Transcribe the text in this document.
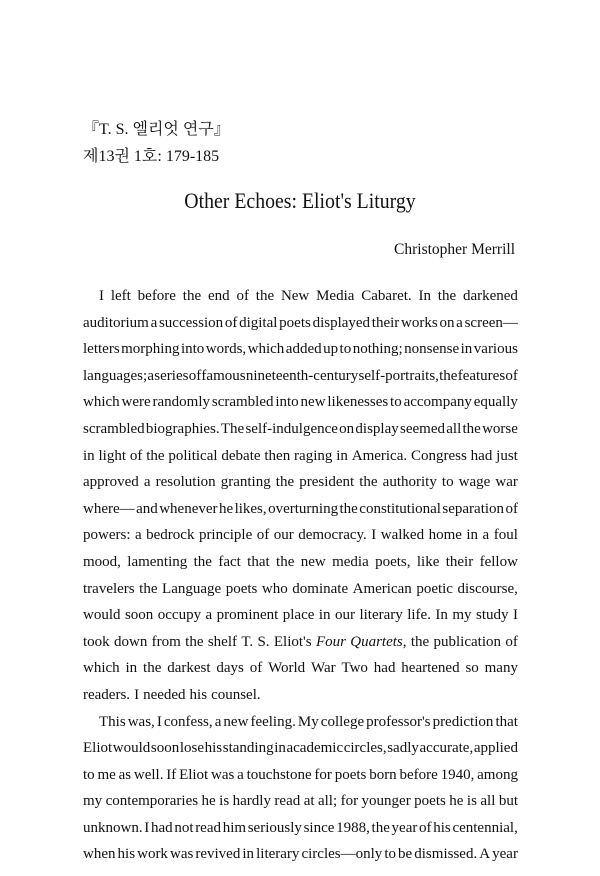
『T. S. 엘리엇 연구』
제13권 1호: 179-185
Other Echoes: Eliot's Liturgy
Christopher Merrill
I left before the end of the New Media Cabaret. In the darkened
auditorium a succession of digital poets displayed their works on a screen—
letters morphing into words, which added up to nothing; nonsense in various
languages; a series of famous nineteenth-century self-portraits, the features of
which were randomly scrambled into new likenesses to accompany equally
scrambled biographies. The self-indulgence on display seemed all the worse
in light of the political debate then raging in America. Congress had just
approved a resolution granting the president the authority to wage war
where— and whenever he likes, overturning the constitutional separation of
powers: a bedrock principle of our democracy. I walked home in a foul
mood, lamenting the fact that the new media poets, like their fellow
travelers the Language poets who dominate American poetic discourse,
would soon occupy a prominent place in our literary life. In my study I
took down from the shelf T. S. Eliot's Four Quartets, the publication of
which in the darkest days of World War Two had heartened so many
readers. I needed his counsel.
This was, I confess, a new feeling. My college professor's prediction that
Eliot would soon lose his standing in academic circles, sadly accurate, applied
to me as well. If Eliot was a touchstone for poets born before 1940, among
my contemporaries he is hardly read at all; for younger poets he is all but
unknown. I had not read him seriously since 1988, the year of his centennial,
when his work was revived in literary circles—only to be dismissed. A year
